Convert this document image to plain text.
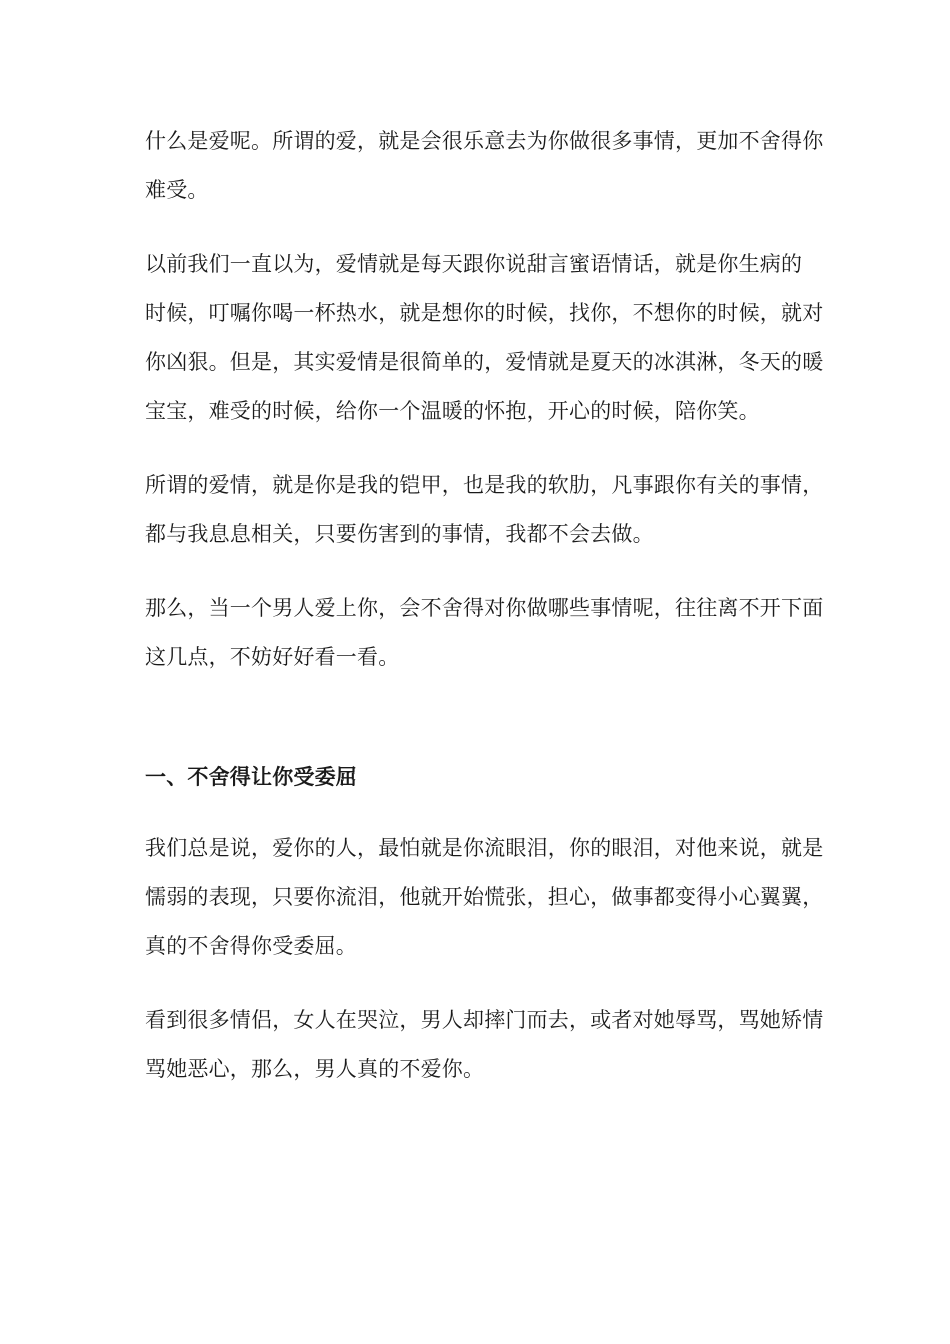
什么是爱呢。所谓的爱，就是会很乐意去为你做很多事情，更加不舍得你
难受。
以前我们一直以为，爱情就是每天跟你说甜言蜜语情话，就是你生病的
时候，叮嘱你喝一杯热水，就是想你的时候，找你，不想你的时候，就对
你凶狠。但是，其实爱情是很简单的，爱情就是夏天的冰淇淋，冬天的暖
宝宝，难受的时候，给你一个温暖的怀抱，开心的时候，陪你笑。
所谓的爱情，就是你是我的铠甲，也是我的软肋，凡事跟你有关的事情，
都与我息息相关，只要伤害到的事情，我都不会去做。
那么，当一个男人爱上你，会不舍得对你做哪些事情呢，往往离不开下面
这几点，不妨好好看一看。
一、不舍得让你受委屈
我们总是说，爱你的人，最怕就是你流眼泪，你的眼泪，对他来说，就是
懦弱的表现，只要你流泪，他就开始慌张，担心，做事都变得小心翼翼，
真的不舍得你受委屈。
看到很多情侣，女人在哭泣，男人却摔门而去，或者对她辱骂，骂她矫情
骂她恶心，那么，男人真的不爱你。
